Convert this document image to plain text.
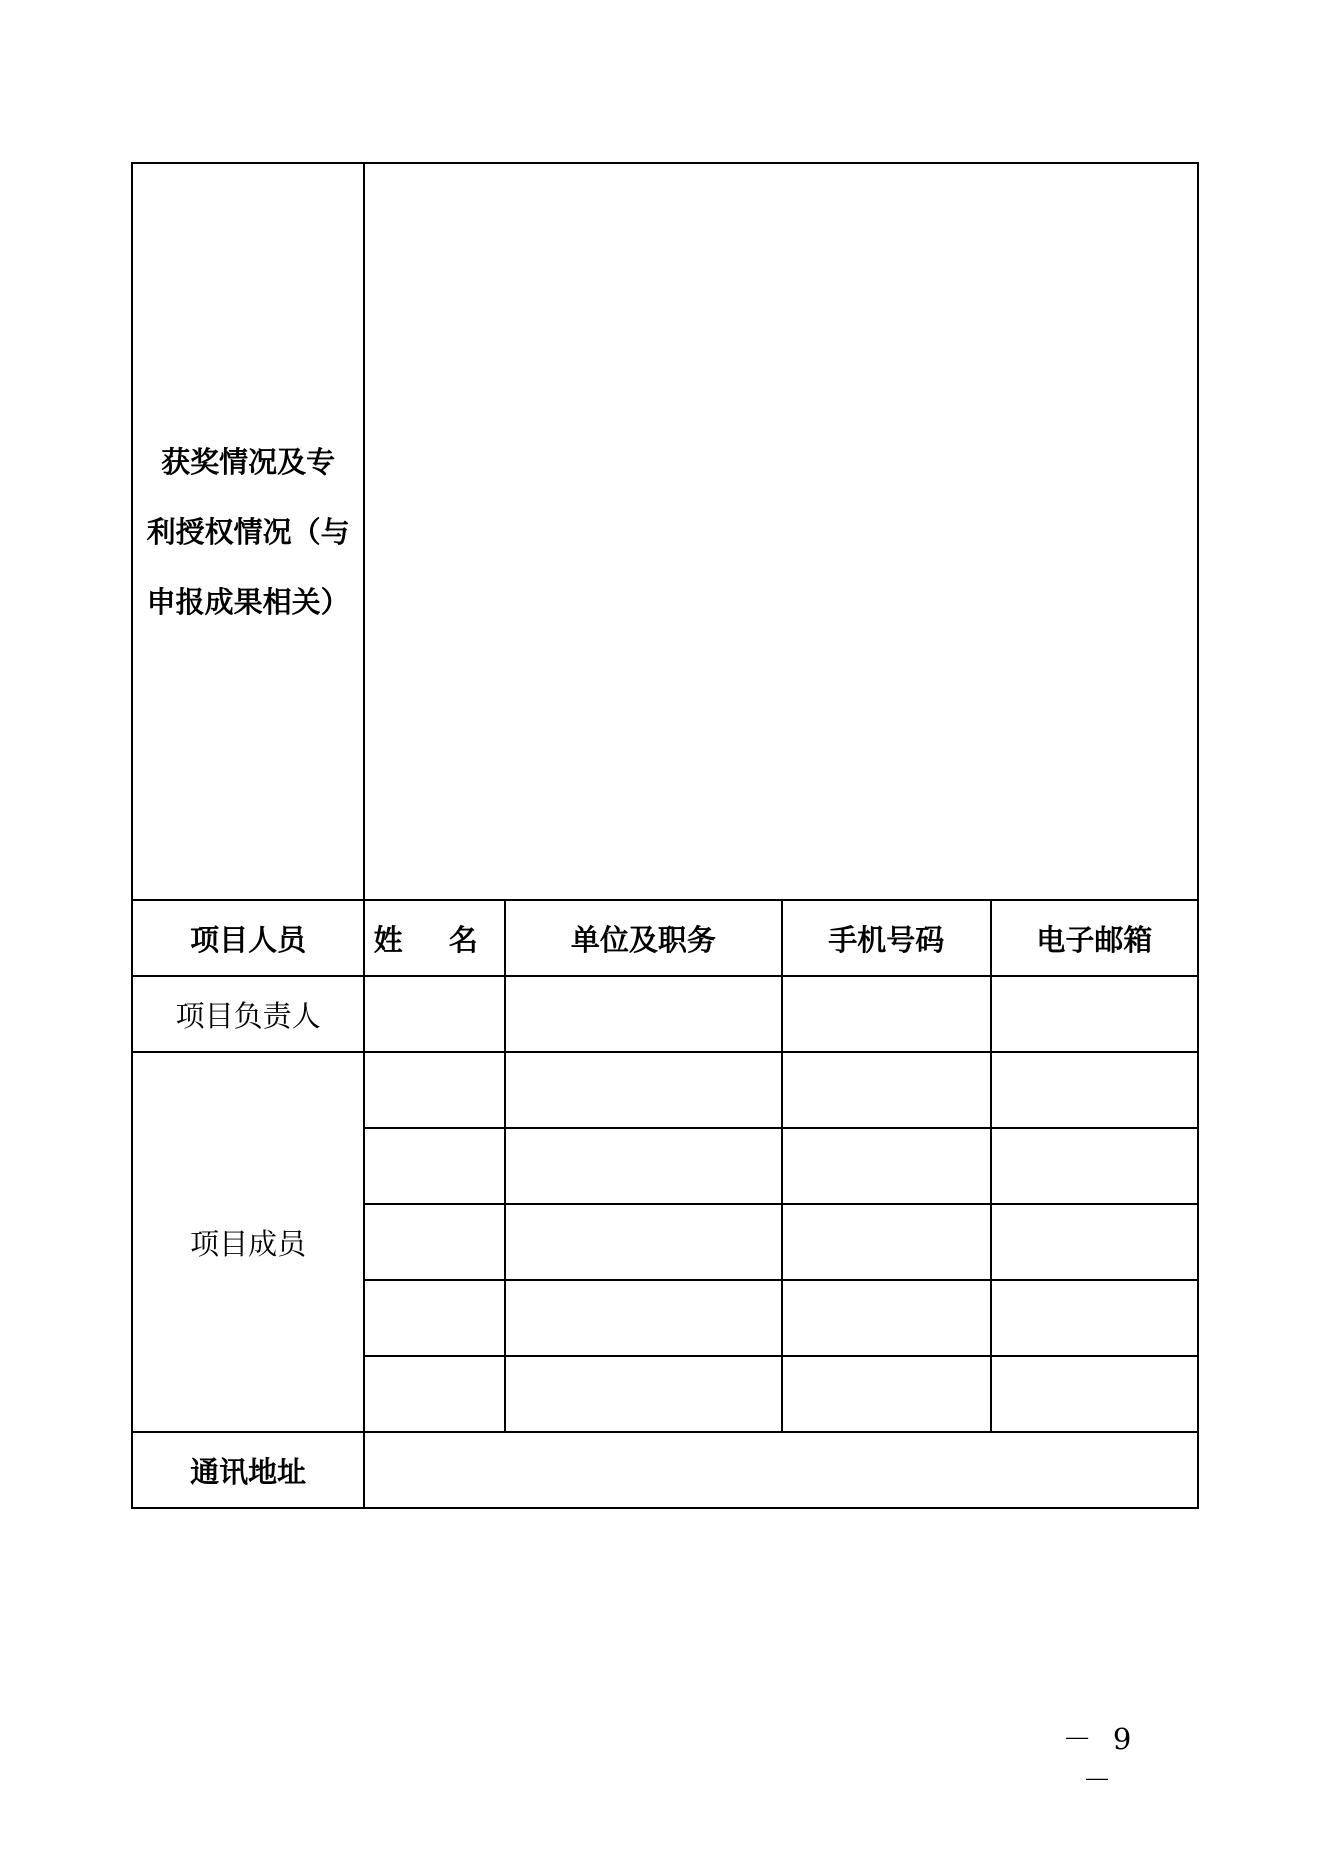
获奖情况及专
利授权情况（与
申报成果相关）				

项目人员	姓 名	单位及职务	手机号码	电子邮箱
项目负责人				
项目成员				

通讯地址				
－ 9 －
